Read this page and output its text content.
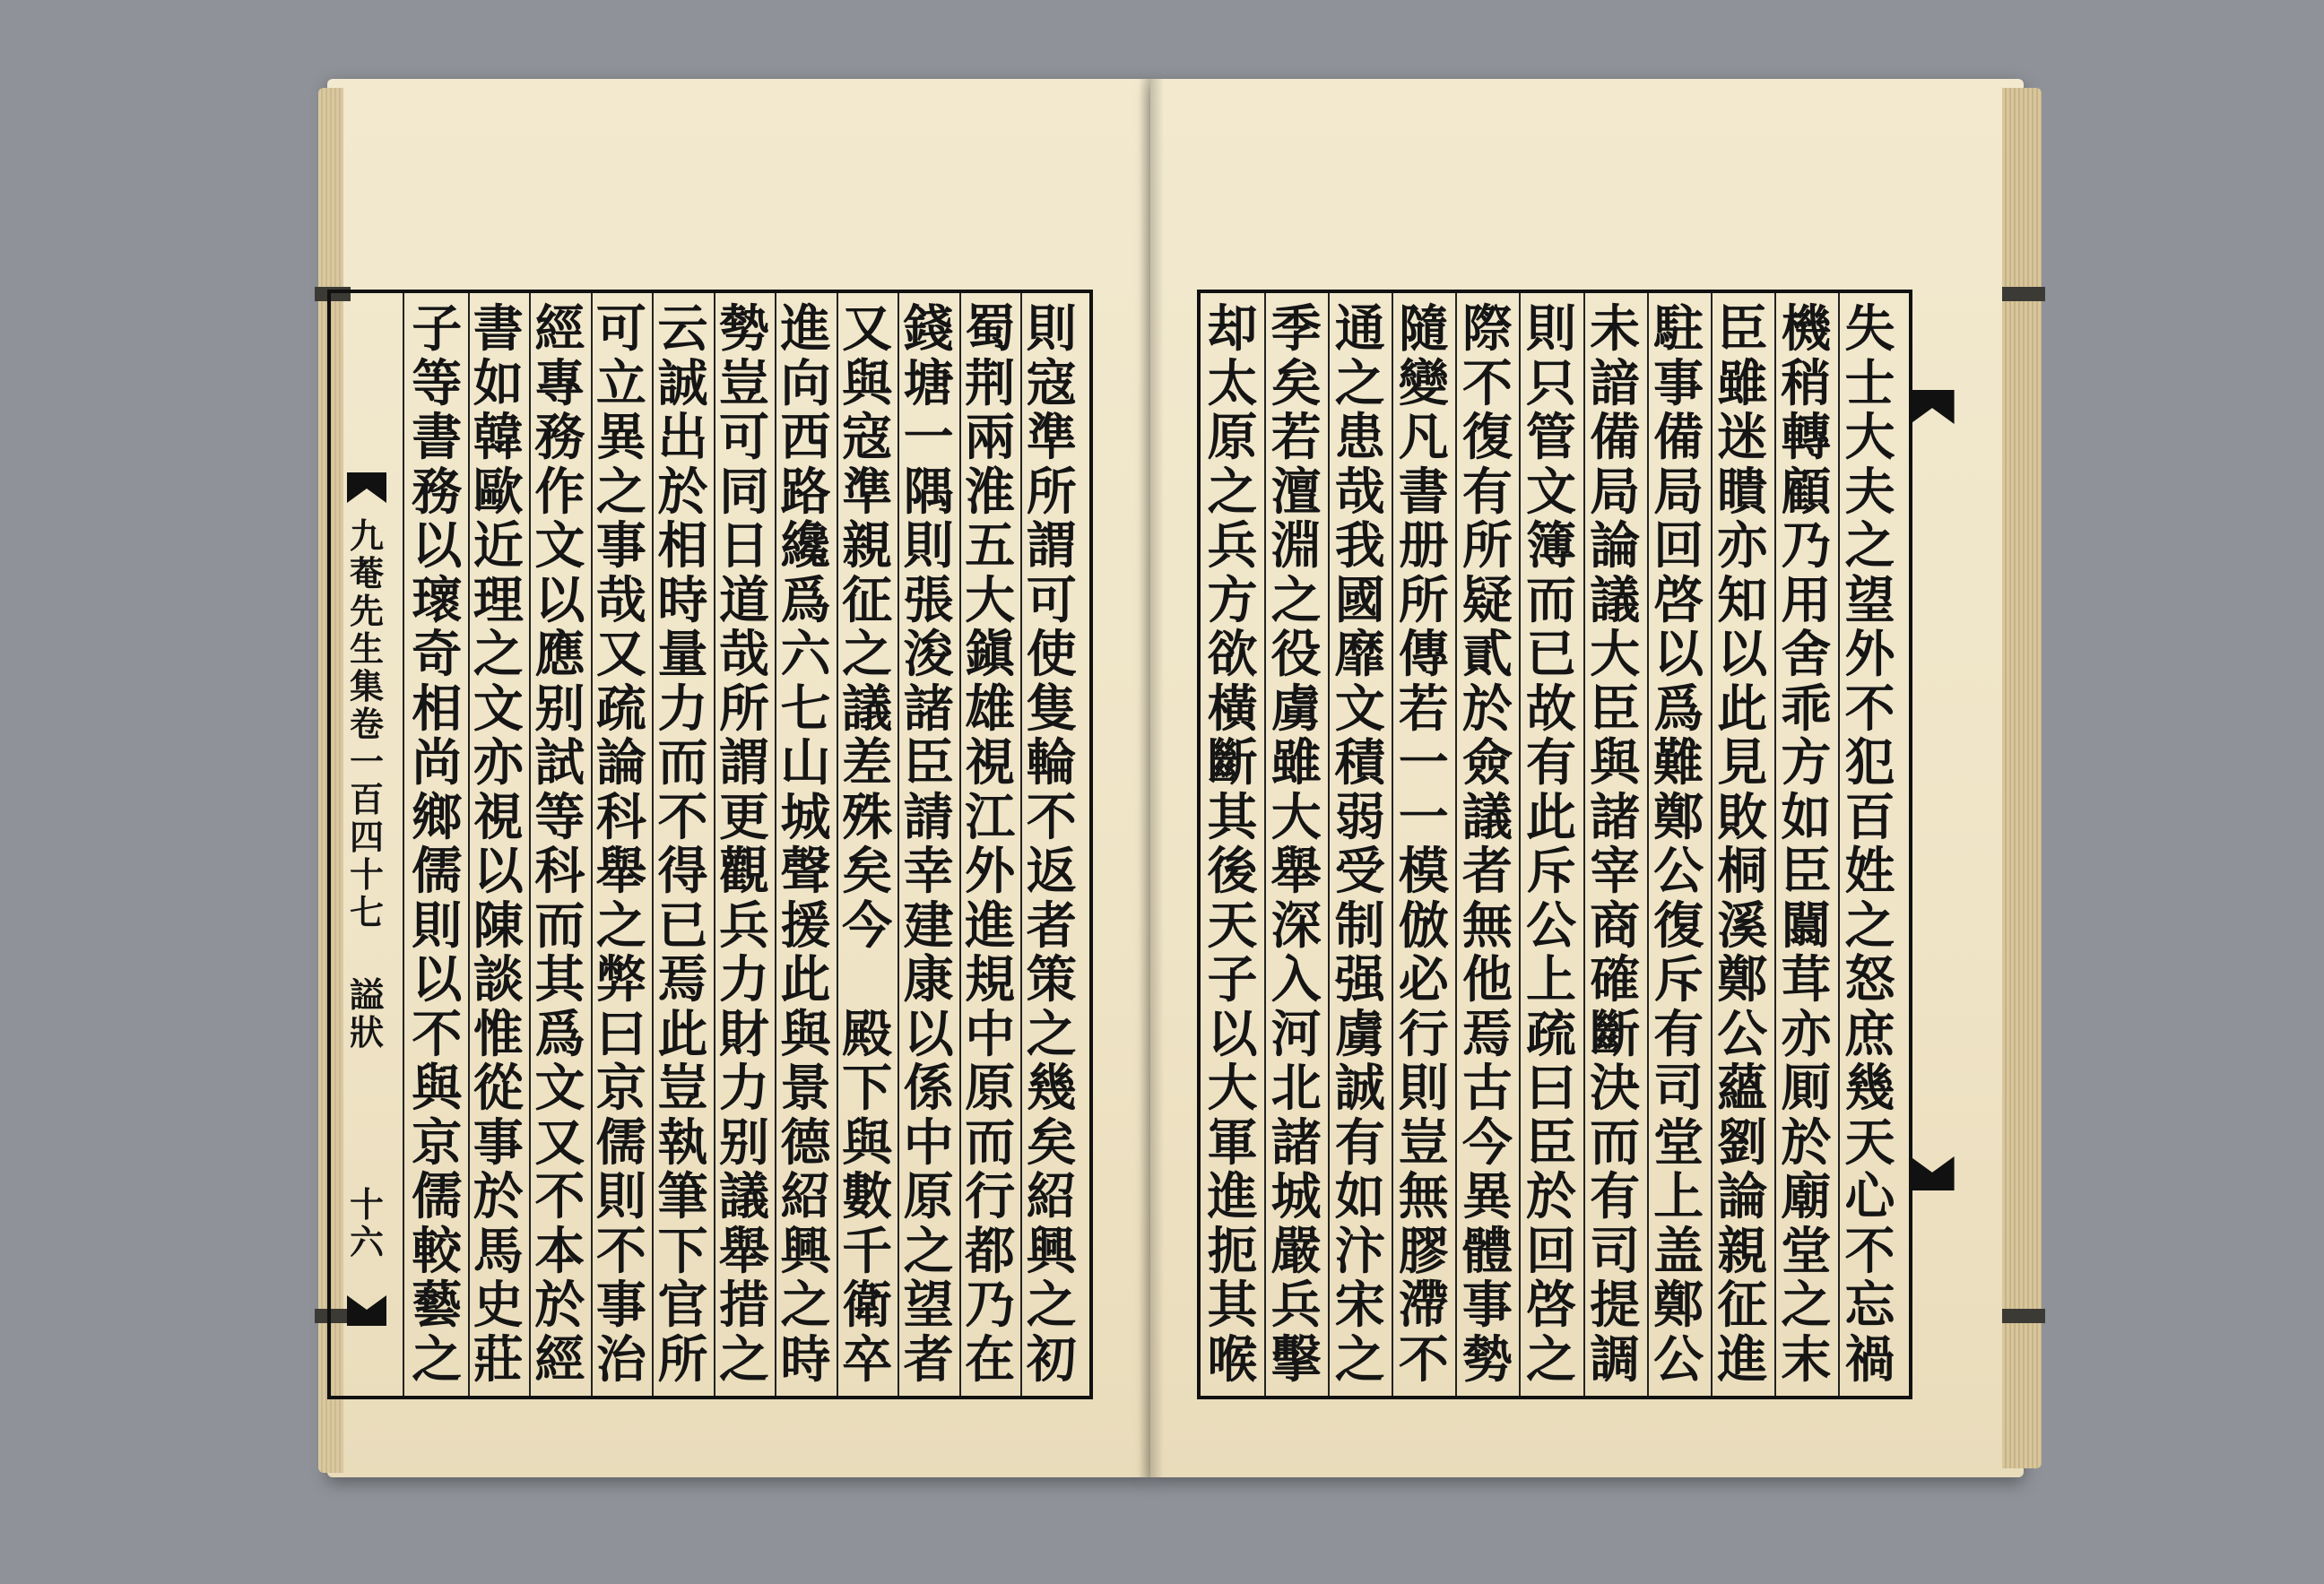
九
菴
先
生
集
卷
一
百
四
十
七
謚
狀
十
六
則
寇
準
所
謂
可
使
隻
輪
不
返
者
策
之
幾
矣
紹
興
之
初
蜀
荆
兩
淮
五
大
鎭
雄
視
江
外
進
規
中
原
而
行
都
乃
在
錢
塘
一
隅
則
張
浚
諸
臣
請
幸
建
康
以
係
中
原
之
望
者
又
與
寇
準
親
征
之
議
差
殊
矣
今
殿
下
與
數
千
衛
卒
進
向
西
路
纔
爲
六
七
山
城
聲
援
此
與
景
德
紹
興
之
時
勢
豈
可
同
日
道
哉
所
謂
更
觀
兵
力
財
力
别
議
舉
措
之
云
誠
出
於
相
時
量
力
而
不
得
已
焉
此
豈
執
筆
下
官
所
可
立
異
之
事
哉
又
疏
論
科
舉
之
弊
曰
京
儒
則
不
事
治
經
專
務
作
文
以
應
别
試
等
科
而
其
爲
文
又
不
本
於
經
書
如
韓
歐
近
理
之
文
亦
視
以
陳
談
惟
從
事
於
馬
史
莊
子
等
書
務
以
瓌
奇
相
尚
鄉
儒
則
以
不
與
京
儒
較
藝
之
失
士
大
夫
之
望
外
不
犯
百
姓
之
怒
庶
幾
天
心
不
忘
禍
機
稍
轉
顧
乃
用
舍
乖
方
如
臣
闒
茸
亦
厠
於
廟
堂
之
末
臣
雖
迷
瞶
亦
知
以
此
見
敗
桐
溪
鄭
公
蘊
劉
論
親
征
進
駐
事
備
局
回
啓
以
爲
難
鄭
公
復
斥
有
司
堂
上
盖
鄭
公
未
諳
備
局
論
議
大
臣
與
諸
宰
商
確
斷
決
而
有
司
提
調
則
只
管
文
簿
而
已
故
有
此
斥
公
上
疏
曰
臣
於
回
啓
之
際
不
復
有
所
疑
貳
於
僉
議
者
無
他
焉
古
今
異
體
事
勢
隨
變
凡
書
册
所
傳
若
一
一
模
倣
必
行
則
豈
無
膠
滯
不
通
之
患
哉
我
國
靡
文
積
弱
受
制
强
虜
誠
有
如
汴
宋
之
季
矣
若
澶
淵
之
役
虜
雖
大
舉
深
入
河
北
諸
城
嚴
兵
擊
却
太
原
之
兵
方
欲
橫
斷
其
後
天
子
以
大
軍
進
扼
其
喉
